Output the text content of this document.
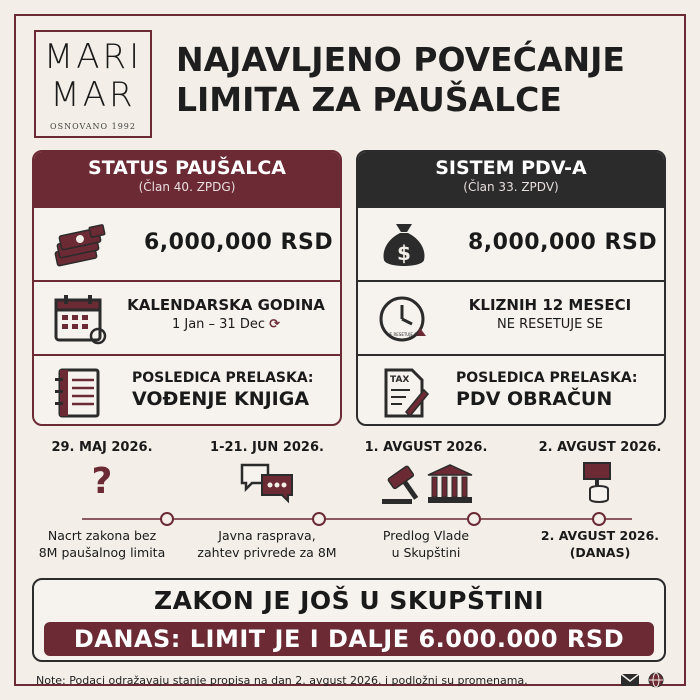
MARI
MAR
OSNOVANO 1992
NAJAVLJENO POVEĆANJE
LIMITA ZA PAUŠALCE
STATUS PAUŠALCA
(Član 40. ZPDG)
6,000,000 RSD
KALENDARSKA GODINA
1 Jan – 31 Dec ⟳
POSLEDICA PRELASKA:
VOĐENJE KNJIGA
SISTEM PDV-A
(Član 33. ZPDV)
$	8,000,000 RSD
NE RESETUJE SE
KLIZNIH 12 MESECI
NE RESETUJE SE
TAX	POSLEDICA PRELASKA:
PDV OBRAČUN
29. MAJ 2026.
?
Nacrt zakona bez
8M paušalnog limita
1-21. JUN 2026.
Javna rasprava,
zahtev privrede za 8M
1. AVGUST 2026.
Predlog Vlade
u Skupštini
2. AVGUST 2026.
2. AVGUST 2026.
(DANAS)
ZAKON JE JOŠ U SKUPŠTINI
DANAS: LIMIT JE I DALJE 6.000.000 RSD
Note: Podaci odražavaju stanje propisa na dan 2. avgust 2026. i podložni su promenama.
